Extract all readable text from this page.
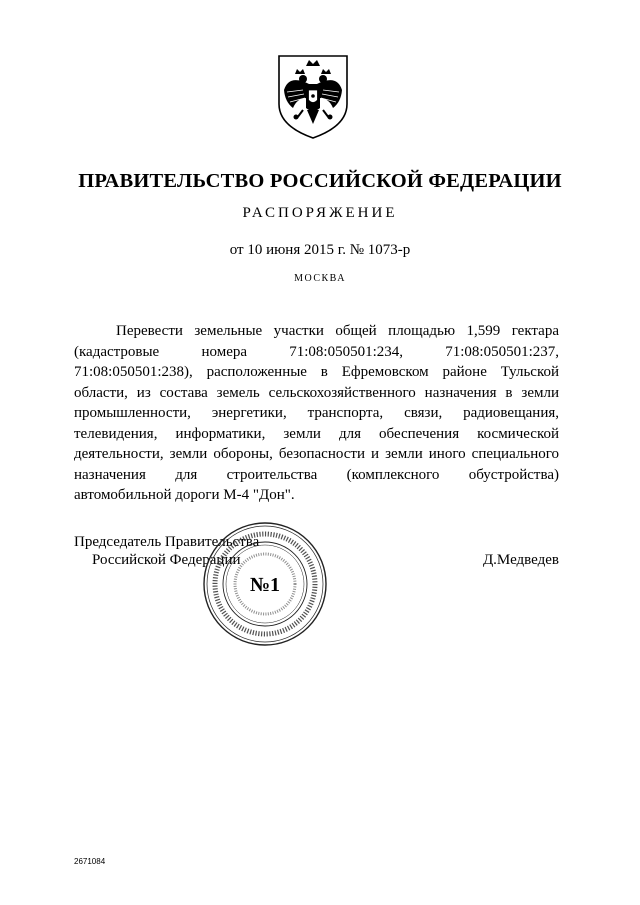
ПРАВИТЕЛЬСТВО РОССИЙСКОЙ ФЕДЕРАЦИИ
РАСПОРЯЖЕНИЕ
от 10 июня 2015 г. № 1073-р
МОСКВА
Перевести земельные участки общей площадью 1,599 гектара
(кадастровые номера 71:08:050501:234, 71:08:050501:237,
71:08:050501:238), расположенные в Ефремовском районе Тульской
области, из состава земель сельскохозяйственного назначения в земли
промышленности, энергетики, транспорта, связи, радиовещания,
телевидения, информатики, земли для обеспечения космической
деятельности, земли обороны, безопасности и земли иного специального
назначения для строительства (комплексного обустройства)
автомобильной дороги М-4 "Дон".
Председатель Правительства
Российской Федерации	Д.Медведев
№1
2671084
